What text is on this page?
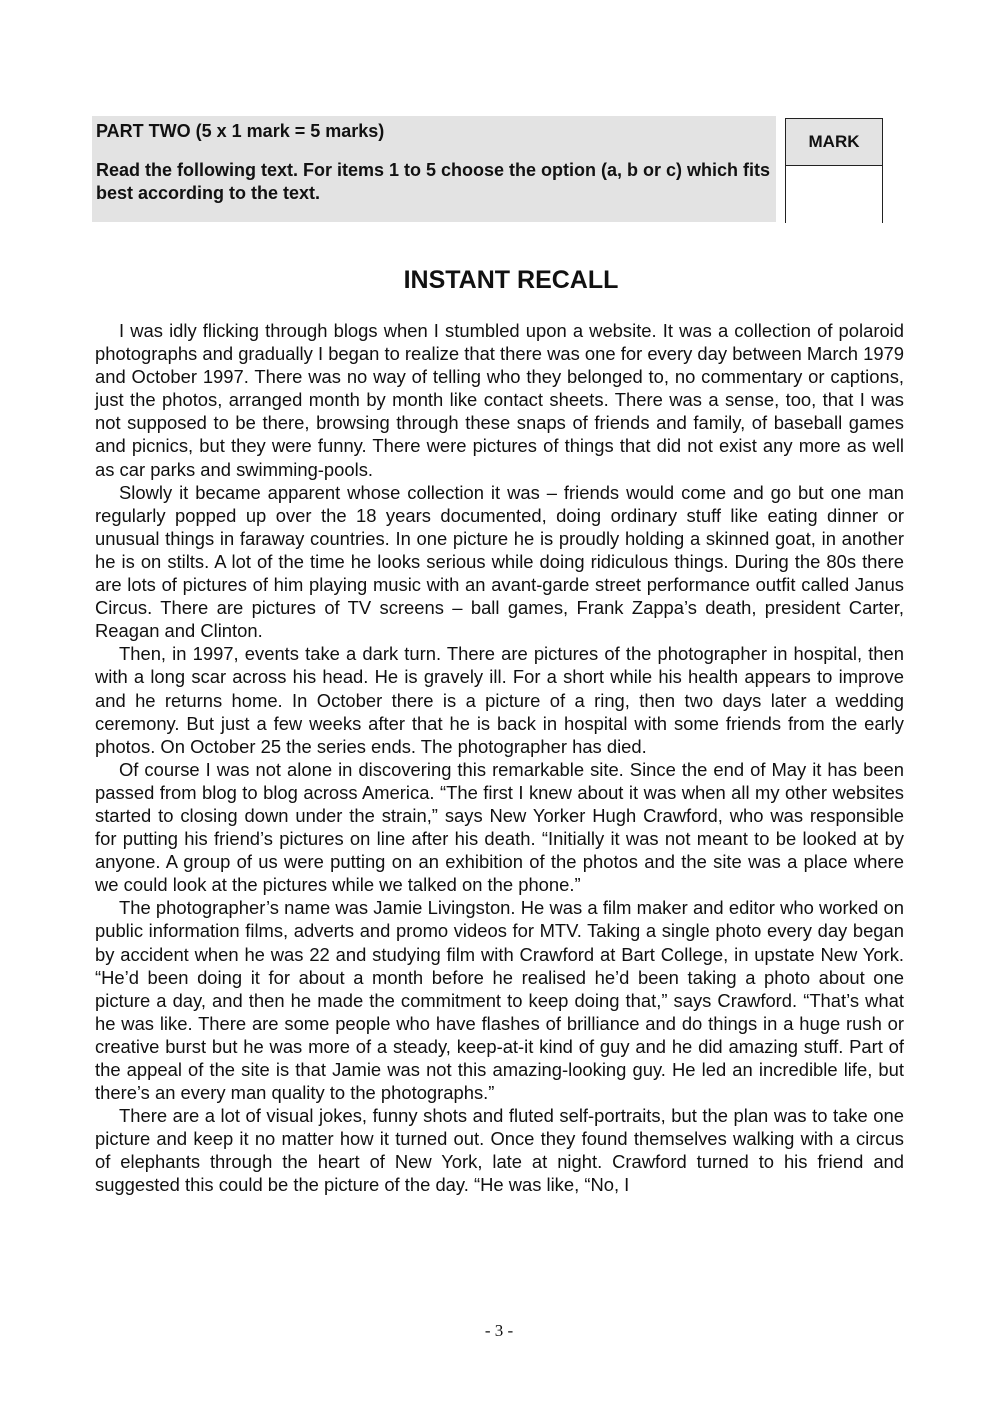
PART TWO (5 x 1 mark = 5 marks)

Read the following text. For items 1 to 5 choose the option (a, b or c) which fits best according to the text.

MARK
INSTANT RECALL

I was idly flicking through blogs when I stumbled upon a website. It was a collection of polaroid photographs and gradually I began to realize that there was one for every day between March 1979 and October 1997. There was no way of telling who they belonged to, no commentary or captions, just the photos, arranged month by month like contact sheets. There was a sense, too, that I was not supposed to be there, browsing through these snaps of friends and family, of baseball games and picnics, but they were funny. There were pictures of things that did not exist any more as well as car parks and swimming-pools.

Slowly it became apparent whose collection it was – friends would come and go but one man regularly popped up over the 18 years documented, doing ordinary stuff like eating dinner or unusual things in faraway countries. In one picture he is proudly holding a skinned goat, in another he is on stilts. A lot of the time he looks serious while doing ridiculous things. During the 80s there are lots of pictures of him playing music with an avant-garde street performance outfit called Janus Circus. There are pictures of TV screens – ball games, Frank Zappa’s death, president Carter, Reagan and Clinton.

Then, in 1997, events take a dark turn. There are pictures of the photographer in hospital, then with a long scar across his head. He is gravely ill. For a short while his health appears to improve and he returns home. In October there is a picture of a ring, then two days later a wedding ceremony. But just a few weeks after that he is back in hospital with some friends from the early photos. On October 25 the series ends. The photographer has died.

Of course I was not alone in discovering this remarkable site. Since the end of May it has been passed from blog to blog across America. “The first I knew about it was when all my other websites started to closing down under the strain,” says New Yorker Hugh Crawford, who was responsible for putting his friend’s pictures on line after his death. “Initially it was not meant to be looked at by anyone. A group of us were putting on an exhibition of the photos and the site was a place where we could look at the pictures while we talked on the phone.”

The photographer’s name was Jamie Livingston. He was a film maker and editor who worked on public information films, adverts and promo videos for MTV. Taking a single photo every day began by accident when he was 22 and studying film with Crawford at Bart College, in upstate New York. “He’d been doing it for about a month before he realised he’d been taking a photo about one picture a day, and then he made the commitment to keep doing that,” says Crawford. “That’s what he was like. There are some people who have flashes of brilliance and do things in a huge rush or creative burst but he was more of a steady, keep-at-it kind of guy and he did amazing stuff. Part of the appeal of the site is that Jamie was not this amazing-looking guy. He led an incredible life, but there’s an every man quality to the photographs.”

There are a lot of visual jokes, funny shots and fluted self-portraits, but the plan was to take one picture and keep it no matter how it turned out. Once they found themselves walking with a circus of elephants through the heart of New York, late at night. Crawford turned to his friend and suggested this could be the picture of the day. “He was like, “No, I

- 3 -
